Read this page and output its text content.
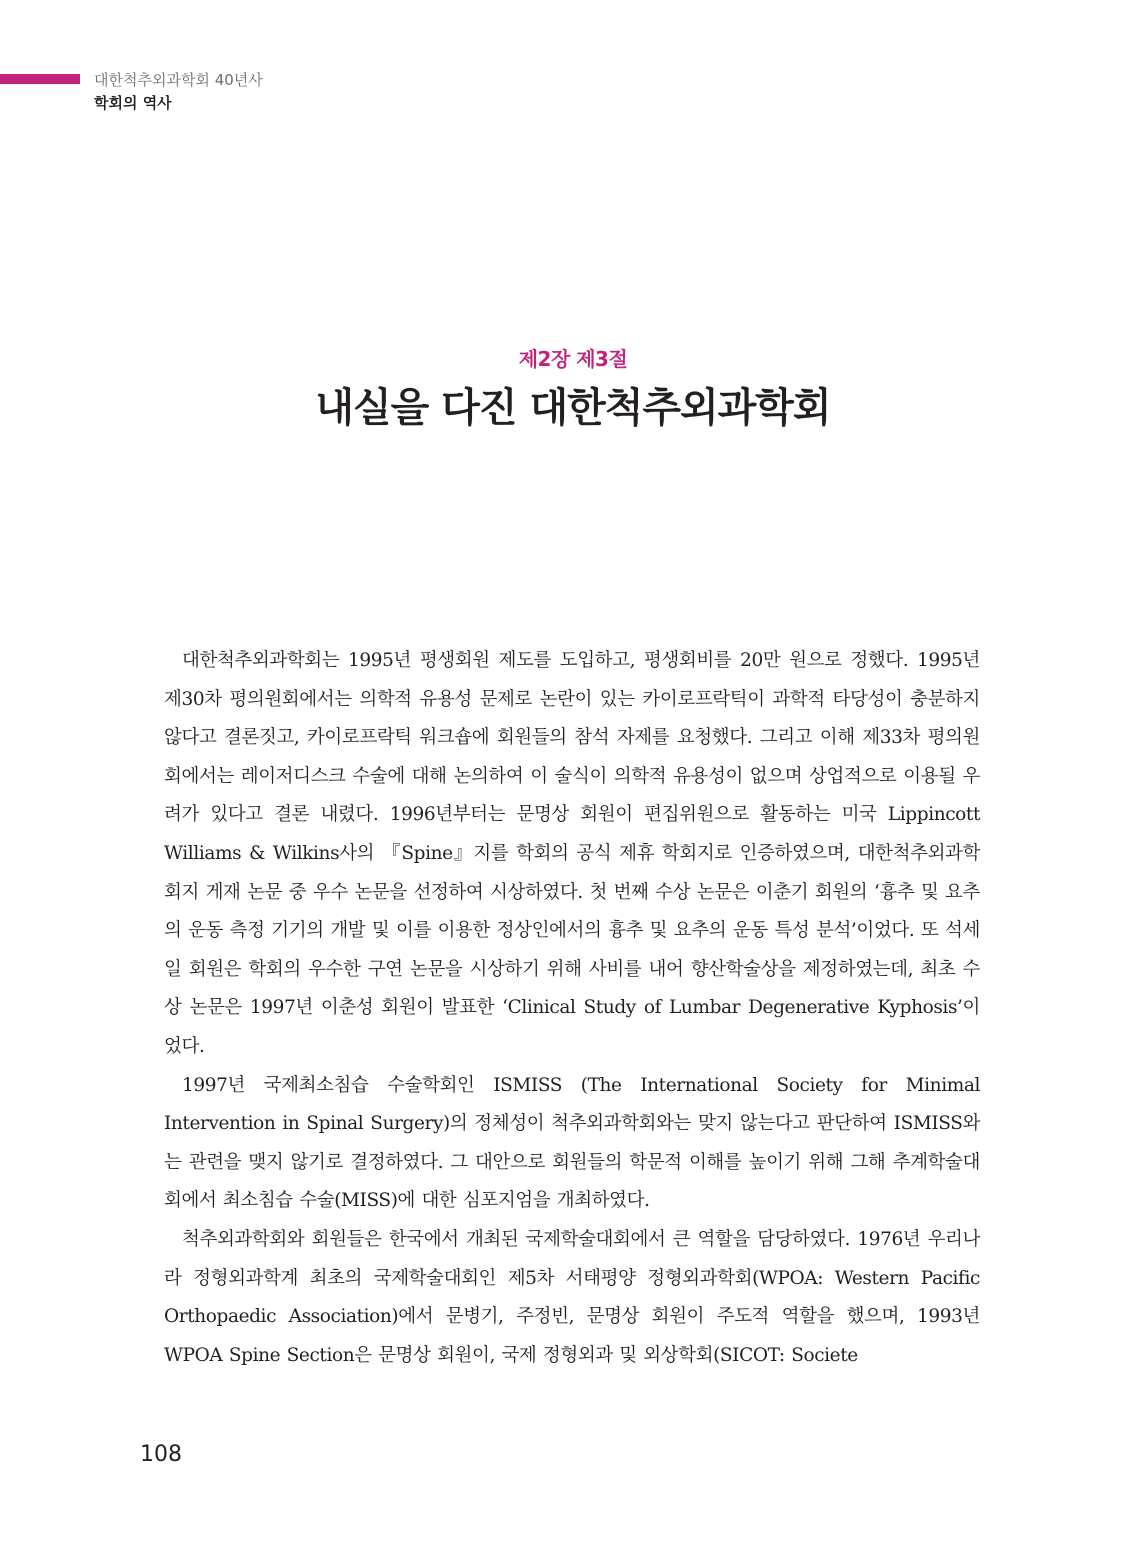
대한척추외과학회 40년사
학회의 역사
제2장 제3절
내실을 다진 대한척추외과학회

대한척추외과학회는 1995년 평생회원 제도를 도입하고, 평생회비를 20만 원으로 정했다. 1995년 제30차 평의원회에서는 의학적 유용성 문제로 논란이 있는 카이로프락틱이 과학적 타당성이 충분하지 않다고 결론짓고, 카이로프락틱 워크숍에 회원들의 참석 자제를 요청했다. 그리고 이해 제33차 평의원회에서는 레이저디스크 수술에 대해 논의하여 이 술식이 의학적 유용성이 없으며 상업적으로 이용될 우려가 있다고 결론 내렸다. 1996년부터는 문명상 회원이 편집위원으로 활동하는 미국 Lippincott Williams & Wilkins사의 『Spine』지를 학회의 공식 제휴 학회지로 인증하였으며, 대한척추외과학회지 게재 논문 중 우수 논문을 선정하여 시상하였다. 첫 번째 수상 논문은 이춘기 회원의 ‘흉추 및 요추의 운동 측정 기기의 개발 및 이를 이용한 정상인에서의 흉추 및 요추의 운동 특성 분석’이었다. 또 석세일 회원은 학회의 우수한 구연 논문을 시상하기 위해 사비를 내어 향산학술상을 제정하였는데, 최초 수상 논문은 1997년 이춘성 회원이 발표한 ‘Clinical Study of Lumbar Degenerative Kyphosis’이었다.

1997년 국제최소침습 수술학회인 ISMISS (The International Society for Minimal Intervention in Spinal Surgery)의 정체성이 척추외과학회와는 맞지 않는다고 판단하여 ISMISS와는 관련을 맺지 않기로 결정하였다. 그 대안으로 회원들의 학문적 이해를 높이기 위해 그해 추계학술대회에서 최소침습 수술(MISS)에 대한 심포지엄을 개최하였다.

척추외과학회와 회원들은 한국에서 개최된 국제학술대회에서 큰 역할을 담당하였다. 1976년 우리나라 정형외과학계 최초의 국제학술대회인 제5차 서태평양 정형외과학회(WPOA: Western Pacific Orthopaedic Association)에서 문병기, 주정빈, 문명상 회원이 주도적 역할을 했으며, 1993년 WPOA Spine Section은 문명상 회원이, 국제 정형외과 및 외상학회(SICOT: Societe

108
